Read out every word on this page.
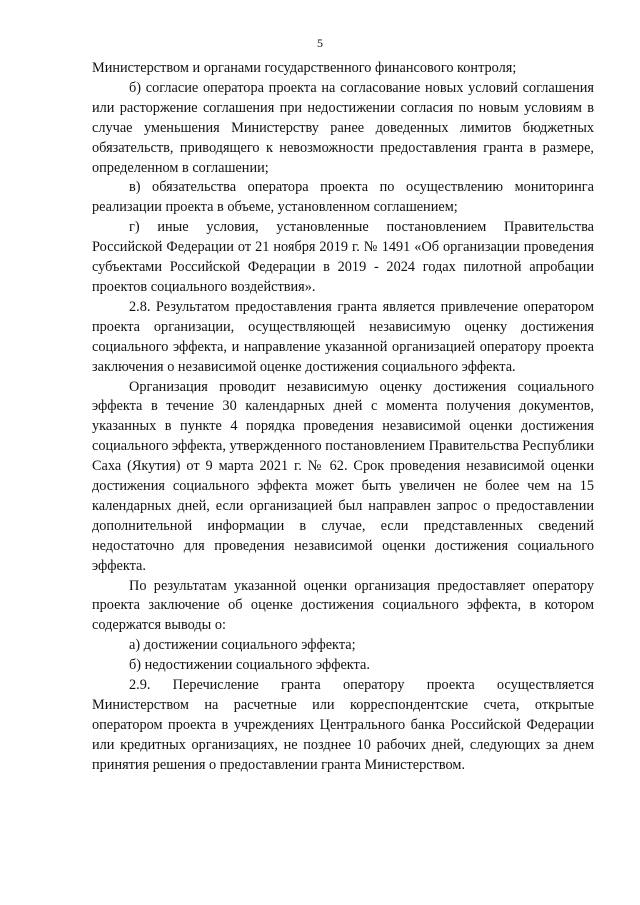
5

Министерством и органами государственного финансового контроля;

б) согласие оператора проекта на согласование новых условий соглашения или расторжение соглашения при недостижении согласия по новым условиям в случае уменьшения Министерству ранее доведенных лимитов бюджетных обязательств, приводящего к невозможности предоставления гранта в размере, определенном в соглашении;

в) обязательства оператора проекта по осуществлению мониторинга реализации проекта в объеме, установленном соглашением;

г) иные условия, установленные постановлением Правительства Российской Федерации от 21 ноября 2019 г. № 1491 «Об организации проведения субъектами Российской Федерации в 2019 - 2024 годах пилотной апробации проектов социального воздействия».

2.8. Результатом предоставления гранта является привлечение оператором проекта организации, осуществляющей независимую оценку достижения социального эффекта, и направление указанной организацией оператору проекта заключения о независимой оценке достижения социального эффекта.

Организация проводит независимую оценку достижения социального эффекта в течение 30 календарных дней с момента получения документов, указанных в пункте 4 порядка проведения независимой оценки достижения социального эффекта, утвержденного постановлением Правительства Республики Саха (Якутия) от 9 марта 2021 г. № 62. Срок проведения независимой оценки достижения социального эффекта может быть увеличен не более чем на 15 календарных дней, если организацией был направлен запрос о предоставлении дополнительной информации в случае, если представленных сведений недостаточно для проведения независимой оценки достижения социального эффекта.

По результатам указанной оценки организация предоставляет оператору проекта заключение об оценке достижения социального эффекта, в котором содержатся выводы о:

а) достижении социального эффекта;

б) недостижении социального эффекта.

2.9. Перечисление гранта оператору проекта осуществляется Министерством на расчетные или корреспондентские счета, открытые оператором проекта в учреждениях Центрального банка Российской Федерации или кредитных организациях, не позднее 10 рабочих дней, следующих за днем принятия решения о предоставлении гранта Министерством.
